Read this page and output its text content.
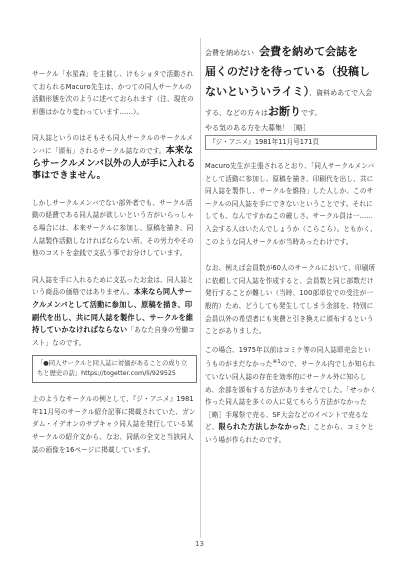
サークル「水星森」を主催し、けもショタで活動されておられるMacuro先生は、かつての同人サークルの活動形態を次のように述べておられます（注、現在の形態はかなり変わっています……）。

同人誌というのはそもそも同人サークルのサークルメンバに「頒布」されるサークル誌なのです。本来ならサークルメンバ以外の人が手に入れる事はできません。

しかしサークルメンバでない部外者でも、サークル活動の経費である同人誌が欲しいという方がいらっしゃる場合には、本来サークルに参加し、原稿を描き、同人誌製作活動しなければならない所、その労力やその他のコストを金銭で支払う事でお分けしています。

同人誌を手に入れるために支払ったお金は、同人誌という商品の価格ではありません。本来なら同人サークルメンバとして活動に参加し、原稿を描き、印刷代を出し、共に同人誌を製作し、サークルを維持していかなければならない「あなた自身の労働コスト」なのです。

「●同人サークルと同人誌に対価があることの成り立ちと歴史の話」https://togetter.com/li/929525

上のようなサークルの例として、『ジ・アニメ』1981年11月号のサークル紹介記事に掲載されていた、ガンダム・イデオンのサブキャラ同人誌を発行している某サークルの紹介文から、なお、同紙の全文と当該同人誌の画像を16ページに掲載しています。

会費を納めない 会費を納めて会誌を
届くのだけを待っている（投稿しないといういライミ）、資料めあてで入会する、などの方々はお断りです。
やる気のある方を大募集！［略］
『ジ・アニメ』1981年11月号171頁

Macuro先生が主張されるとおり、「同人サークルメンバとして活動に参加し、原稿を描き、印刷代を出し、共に同人誌を製作し、サークルを維持」した人しか、このサークルの同人誌を手にできないということです。それにしても、なんですかねこの厳しさ。サークル員は一……入会する人はいたんでしょうか（こらこら）。ともかく、このような同人サークルが当時あったわけです。

なお、例えば会員数が60人のサークルにおいて、印刷所に依頼して同人誌を作成すると、会員数と同じ部数だけ発行することが難しい（当時、100部単位での受注が一般的）ため、どうしても発生してしまう余部を、特別に会員以外の希望者にも実費と引き換えに頒布するということがありました。

この場合、1975年以前はコミケ等の同人誌即売会というものがまだなかった$^{※1}$ので、サークル内でしか知られていない同人誌の存在を効率的にサークル外に知らしめ、余部を頒布する方法がありませんでした。「せっかく作った同人誌を多くの人に見てもらう方法がなかった［略］手塚祭で売る、SF大会などのイベントで売るなど、限られた方法しかなかった」ことから、コミケという場が作られたのです。

13
